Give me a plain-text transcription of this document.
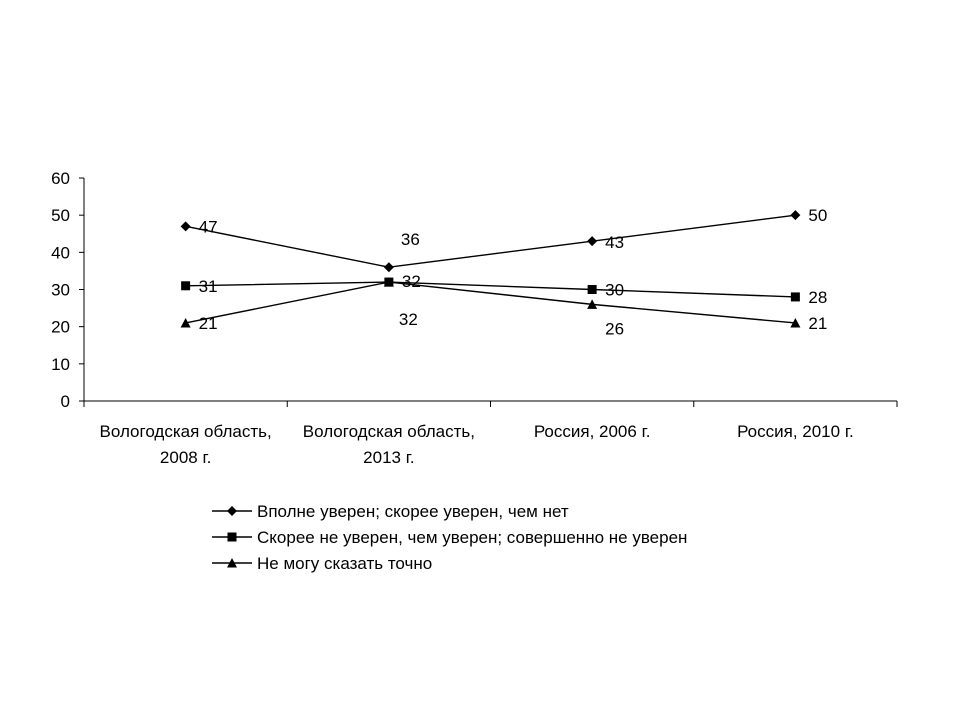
0
10
20
30
40
50
60
Вологодская область,
2008 г.
Вологодская область,
2013 г.
Россия, 2006 г.	Россия, 2010 г.
47
36	43
50
31	32	30	28
21	32	26	21
Вполне уверен; скорее уверен, чем нет
Скорее не уверен, чем уверен; совершенно не уверен
Не могу сказать точно
